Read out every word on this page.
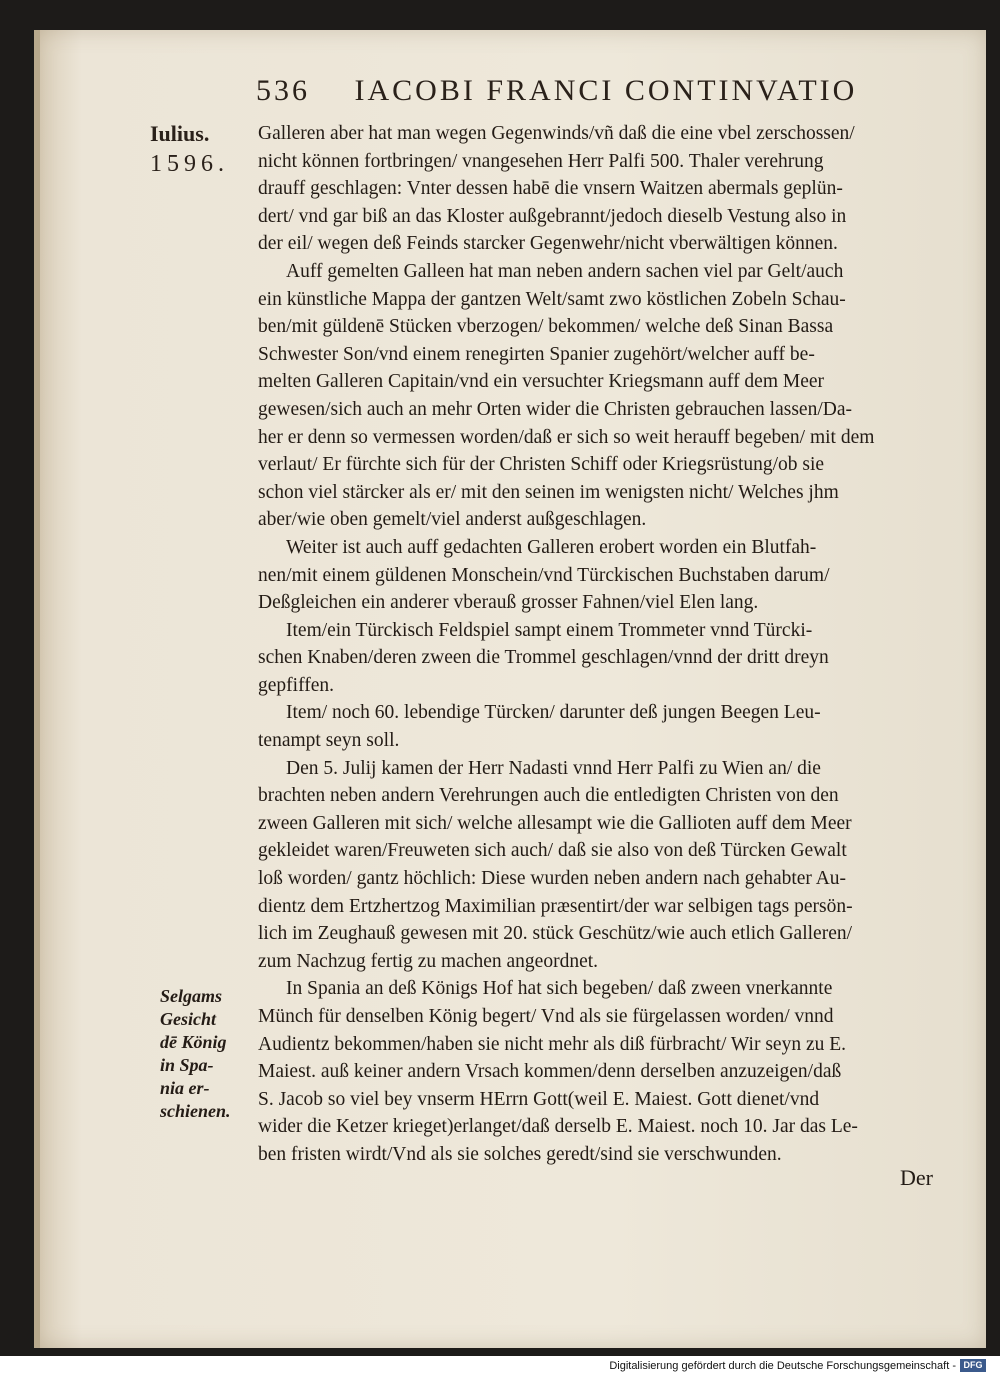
536 IACOBI FRANCI CONTINVATIO
Iulius.
1596.
Selgams
Gesicht
dē König
in Spa-
nia er-
schienen.
Galleren aber hat man wegen Gegenwinds/vñ daß die eine vbel zerschossen/
nicht können fortbringen/ vnangesehen Herr Palfi 500. Thaler verehrung
drauff geschlagen: Vnter dessen habē die vnsern Waitzen abermals geplün-
dert/ vnd gar biß an das Kloster außgebrannt/jedoch dieselb Vestung also in
der eil/ wegen deß Feinds starcker Gegenwehr/nicht vberwältigen können.
Auff gemelten Galleen hat man neben andern sachen viel par Gelt/auch
ein künstliche Mappa der gantzen Welt/samt zwo köstlichen Zobeln Schau-
ben/mit güldenē Stücken vberzogen/ bekommen/ welche deß Sinan Bassa
Schwester Son/vnd einem renegirten Spanier zugehört/welcher auff be-
melten Galleren Capitain/vnd ein versuchter Kriegsmann auff dem Meer
gewesen/sich auch an mehr Orten wider die Christen gebrauchen lassen/Da-
her er denn so vermessen worden/daß er sich so weit herauff begeben/ mit dem
verlaut/ Er fürchte sich für der Christen Schiff oder Kriegsrüstung/ob sie
schon viel stärcker als er/ mit den seinen im wenigsten nicht/ Welches jhm
aber/wie oben gemelt/viel anderst außgeschlagen.
Weiter ist auch auff gedachten Galleren erobert worden ein Blutfah-
nen/mit einem güldenen Monschein/vnd Türckischen Buchstaben darum/
Deßgleichen ein anderer vberauß grosser Fahnen/viel Elen lang.
Item/ein Türckisch Feldspiel sampt einem Trommeter vnnd Türcki-
schen Knaben/deren zween die Trommel geschlagen/vnnd der dritt dreyn
gepfiffen.
Item/ noch 60. lebendige Türcken/ darunter deß jungen Beegen Leu-
tenampt seyn soll.
Den 5. Julij kamen der Herr Nadasti vnnd Herr Palfi zu Wien an/ die
brachten neben andern Verehrungen auch die entledigten Christen von den
zween Galleren mit sich/ welche allesampt wie die Gallioten auff dem Meer
gekleidet waren/Freuweten sich auch/ daß sie also von deß Türcken Gewalt
loß worden/ gantz höchlich: Diese wurden neben andern nach gehabter Au-
dientz dem Ertzhertzog Maximilian præsentirt/der war selbigen tags persön-
lich im Zeughauß gewesen mit 20. stück Geschütz/wie auch etlich Galleren/
zum Nachzug fertig zu machen angeordnet.
In Spania an deß Königs Hof hat sich begeben/ daß zween vnerkannte
Münch für denselben König begert/ Vnd als sie fürgelassen worden/ vnnd
Audientz bekommen/haben sie nicht mehr als diß fürbracht/ Wir seyn zu E.
Maiest. auß keiner andern Vrsach kommen/denn derselben anzuzeigen/daß
S. Jacob so viel bey vnserm HErrn Gott(weil E. Maiest. Gott dienet/vnd
wider die Ketzer krieget)erlanget/daß derselb E. Maiest. noch 10. Jar das Le-
ben fristen wirdt/Vnd als sie solches geredt/sind sie verschwunden.
Der
Digitalisierung gefördert durch die Deutsche Forschungsgemeinschaft - DFG
